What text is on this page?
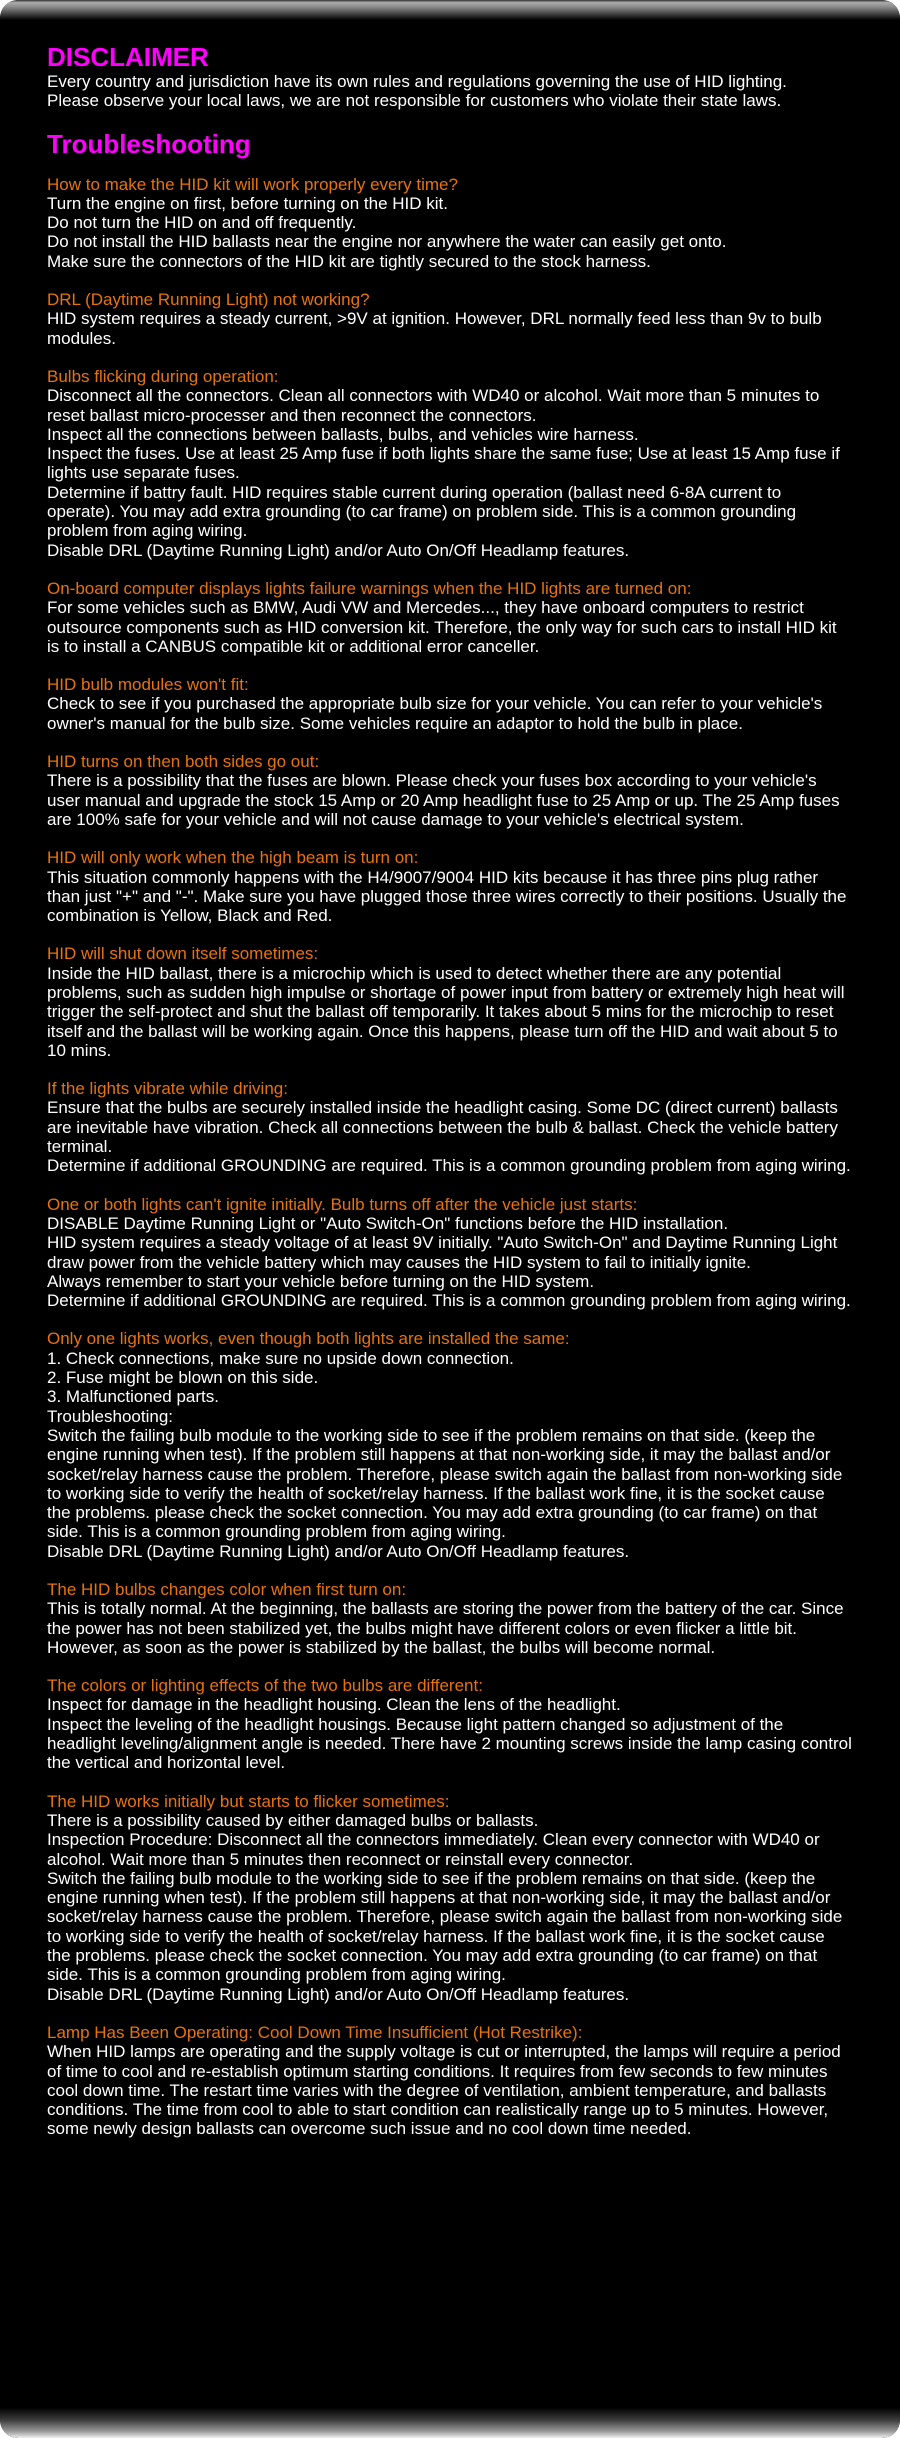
DISCLAIMER
Every country and jurisdiction have its own rules and regulations governing the use of HID lighting.
Please observe your local laws, we are not responsible for customers who violate their state laws.
Troubleshooting
How to make the HID kit will work properly every time?
Turn the engine on first, before turning on the HID kit.
Do not turn the HID on and off frequently.
Do not install the HID ballasts near the engine nor anywhere the water can easily get onto.
Make sure the connectors of the HID kit are tightly secured to the stock harness.
DRL (Daytime Running Light) not working?
HID system requires a steady current, >9V at ignition. However, DRL normally feed less than 9v to bulb modules.
Bulbs flicking during operation:
Disconnect all the connectors. Clean all connectors with WD40 or alcohol. Wait more than 5 minutes to reset ballast micro-processer and then reconnect the connectors.
Inspect all the connections between ballasts, bulbs, and vehicles wire harness.
Inspect the fuses. Use at least 25 Amp fuse if both lights share the same fuse; Use at least 15 Amp fuse if lights use separate fuses.
Determine if battry fault. HID requires stable current during operation (ballast need 6-8A current to operate). You may add extra grounding (to car frame) on problem side. This is a common grounding problem from aging wiring.
Disable DRL (Daytime Running Light) and/or Auto On/Off Headlamp features.
On-board computer displays lights failure warnings when the HID lights are turned on:
For some vehicles such as BMW, Audi VW and Mercedes..., they have onboard computers to restrict outsource components such as HID conversion kit. Therefore, the only way for such cars to install HID kit is to install a CANBUS compatible kit or additional error canceller.
HID bulb modules won't fit:
Check to see if you purchased the appropriate bulb size for your vehicle. You can refer to your vehicle's owner's manual for the bulb size. Some vehicles require an adaptor to hold the bulb in place.
HID turns on then both sides go out:
There is a possibility that the fuses are blown. Please check your fuses box according to your vehicle's user manual and upgrade the stock 15 Amp or 20 Amp headlight fuse to 25 Amp or up. The 25 Amp fuses are 100% safe for your vehicle and will not cause damage to your vehicle's electrical system.
HID will only work when the high beam is turn on:
This situation commonly happens with the H4/9007/9004 HID kits because it has three pins plug rather than just "+" and "-". Make sure you have plugged those three wires correctly to their positions. Usually the combination is Yellow, Black and Red.
HID will shut down itself sometimes:
Inside the HID ballast, there is a microchip which is used to detect whether there are any potential problems, such as sudden high impulse or shortage of power input from battery or extremely high heat will trigger the self-protect and shut the ballast off temporarily. It takes about 5 mins for the microchip to reset itself and the ballast will be working again. Once this happens, please turn off the HID and wait about 5 to 10 mins.
If the lights vibrate while driving:
Ensure that the bulbs are securely installed inside the headlight casing. Some DC (direct current) ballasts are inevitable have vibration. Check all connections between the bulb & ballast. Check the vehicle battery terminal.
Determine if additional GROUNDING are required. This is a common grounding problem from aging wiring.
One or both lights can't ignite initially. Bulb turns off after the vehicle just starts:
DISABLE Daytime Running Light or "Auto Switch-On" functions before the HID installation.
HID system requires a steady voltage of at least 9V initially. "Auto Switch-On" and Daytime Running Light draw power from the vehicle battery which may causes the HID system to fail to initially ignite.
Always remember to start your vehicle before turning on the HID system.
Determine if additional GROUNDING are required. This is a common grounding problem from aging wiring.
Only one lights works, even though both lights are installed the same:
1. Check connections, make sure no upside down connection.
2. Fuse might be blown on this side.
3. Malfunctioned parts.
Troubleshooting:
Switch the failing bulb module to the working side to see if the problem remains on that side. (keep the engine running when test). If the problem still happens at that non-working side, it may the ballast and/or socket/relay harness cause the problem. Therefore, please switch again the ballast from non-working side to working side to verify the health of socket/relay harness. If the ballast work fine, it is the socket cause the problems. please check the socket connection. You may add extra grounding (to car frame) on that side. This is a common grounding problem from aging wiring.
Disable DRL (Daytime Running Light) and/or Auto On/Off Headlamp features.
The HID bulbs changes color when first turn on:
This is totally normal. At the beginning, the ballasts are storing the power from the battery of the car. Since the power has not been stabilized yet, the bulbs might have different colors or even flicker a little bit. However, as soon as the power is stabilized by the ballast, the bulbs will become normal.
The colors or lighting effects of the two bulbs are different:
Inspect for damage in the headlight housing. Clean the lens of the headlight.
Inspect the leveling of the headlight housings. Because light pattern changed so adjustment of the headlight leveling/alignment angle is needed. There have 2 mounting screws inside the lamp casing control the vertical and horizontal level.
The HID works initially but starts to flicker sometimes:
There is a possibility caused by either damaged bulbs or ballasts.
Inspection Procedure: Disconnect all the connectors immediately. Clean every connector with WD40 or alcohol. Wait more than 5 minutes then reconnect or reinstall every connector.
Switch the failing bulb module to the working side to see if the problem remains on that side. (keep the engine running when test). If the problem still happens at that non-working side, it may the ballast and/or socket/relay harness cause the problem. Therefore, please switch again the ballast from non-working side to working side to verify the health of socket/relay harness. If the ballast work fine, it is the socket cause the problems. please check the socket connection. You may add extra grounding (to car frame) on that side. This is a common grounding problem from aging wiring.
Disable DRL (Daytime Running Light) and/or Auto On/Off Headlamp features.
Lamp Has Been Operating: Cool Down Time Insufficient (Hot Restrike):
When HID lamps are operating and the supply voltage is cut or interrupted, the lamps will require a period of time to cool and re-establish optimum starting conditions. It requires from few seconds to few minutes cool down time. The restart time varies with the degree of ventilation, ambient temperature, and ballasts conditions. The time from cool to able to start condition can realistically range up to 5 minutes. However, some newly design ballasts can overcome such issue and no cool down time needed.
